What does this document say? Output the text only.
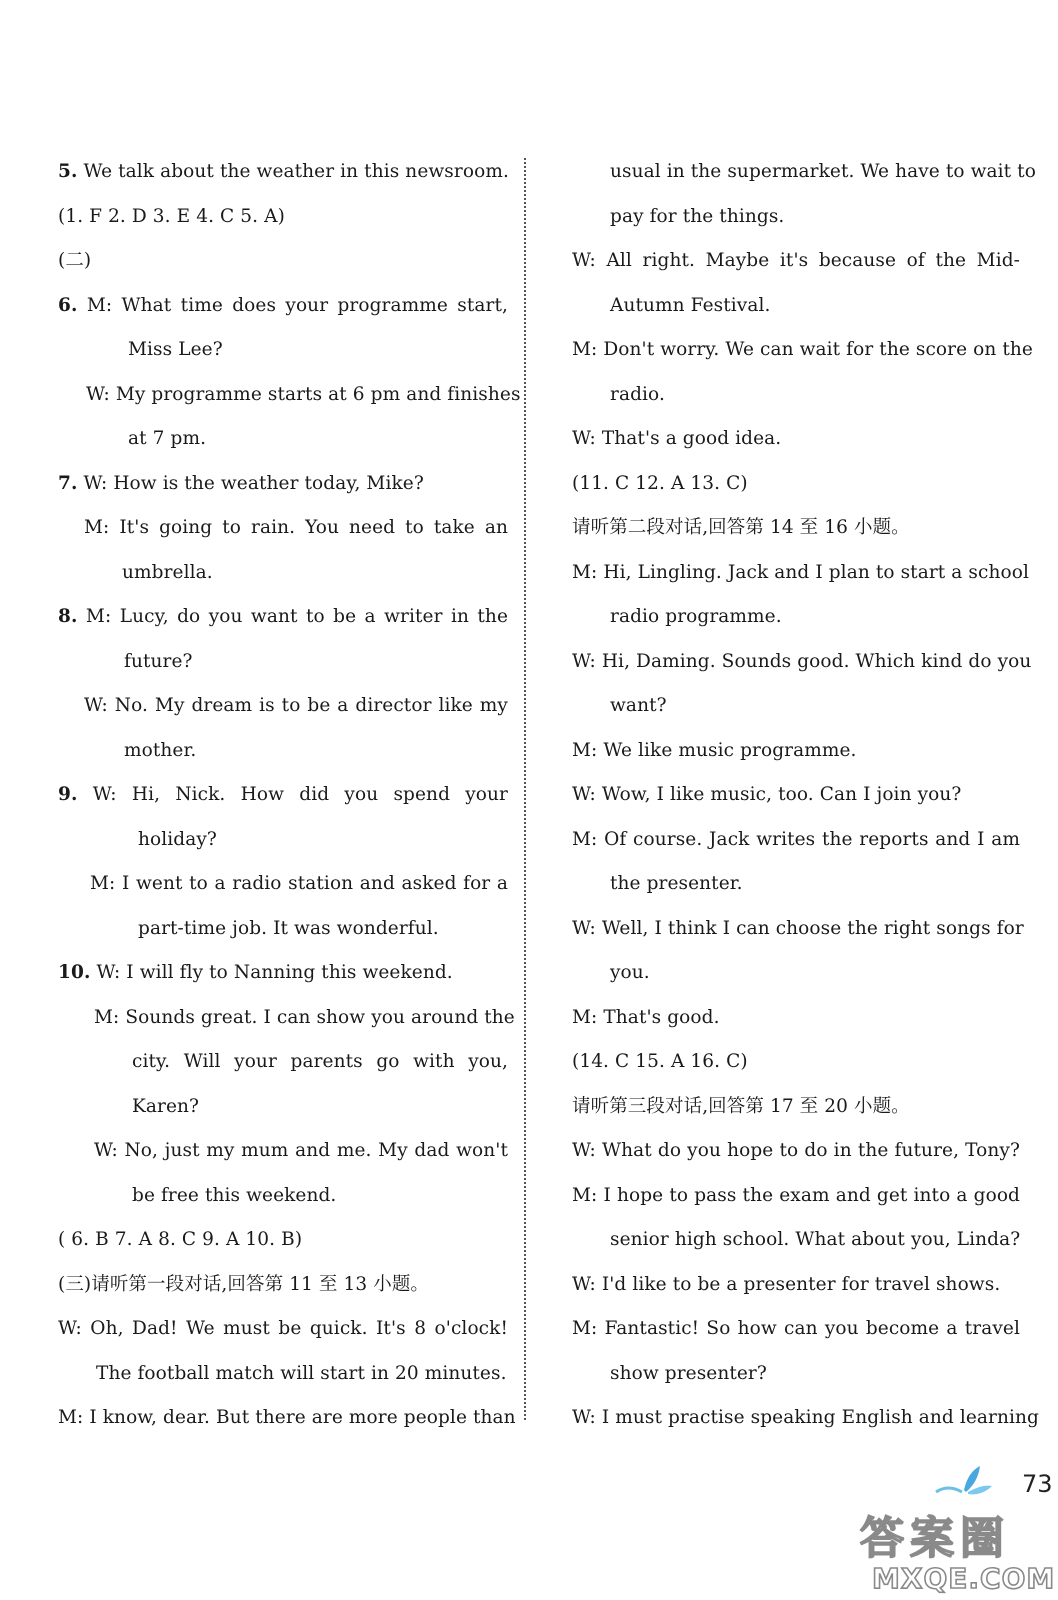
5. We talk about the weather in this newsroom.
(1. F 2. D 3. E 4. C 5. A)
(二)
6. M: What time does your programme start,
Miss Lee?
W: My programme starts at 6 pm and finishes
at 7 pm.
7. W: How is the weather today, Mike?
M: It's going to rain. You need to take an
umbrella.
8. M: Lucy, do you want to be a writer in the
future?
W: No. My dream is to be a director like my
mother.
9. W: Hi, Nick. How did you spend your
holiday?
M: I went to a radio station and asked for a
part-time job. It was wonderful.
10. W: I will fly to Nanning this weekend.
M: Sounds great. I can show you around the
city. Will your parents go with you,
Karen?
W: No, just my mum and me. My dad won't
be free this weekend.
( 6. B 7. A 8. C 9. A 10. B)
(三)请听第一段对话,回答第 11 至 13 小题。
W: Oh, Dad! We must be quick. It's 8 o'clock!
The football match will start in 20 minutes.
M: I know, dear. But there are more people than
usual in the supermarket. We have to wait to
pay for the things.
W: All right. Maybe it's because of the Mid-
Autumn Festival.
M: Don't worry. We can wait for the score on the
radio.
W: That's a good idea.
(11. C 12. A 13. C)
请听第二段对话,回答第 14 至 16 小题。
M: Hi, Lingling. Jack and I plan to start a school
radio programme.
W: Hi, Daming. Sounds good. Which kind do you
want?
M: We like music programme.
W: Wow, I like music, too. Can I join you?
M: Of course. Jack writes the reports and I am
the presenter.
W: Well, I think I can choose the right songs for
you.
M: That's good.
(14. C 15. A 16. C)
请听第三段对话,回答第 17 至 20 小题。
W: What do you hope to do in the future, Tony?
M: I hope to pass the exam and get into a good
senior high school. What about you, Linda?
W: I'd like to be a presenter for travel shows.
M: Fantastic! So how can you become a travel
show presenter?
W: I must practise speaking English and learning
73
答案圈
MXQE.COM
